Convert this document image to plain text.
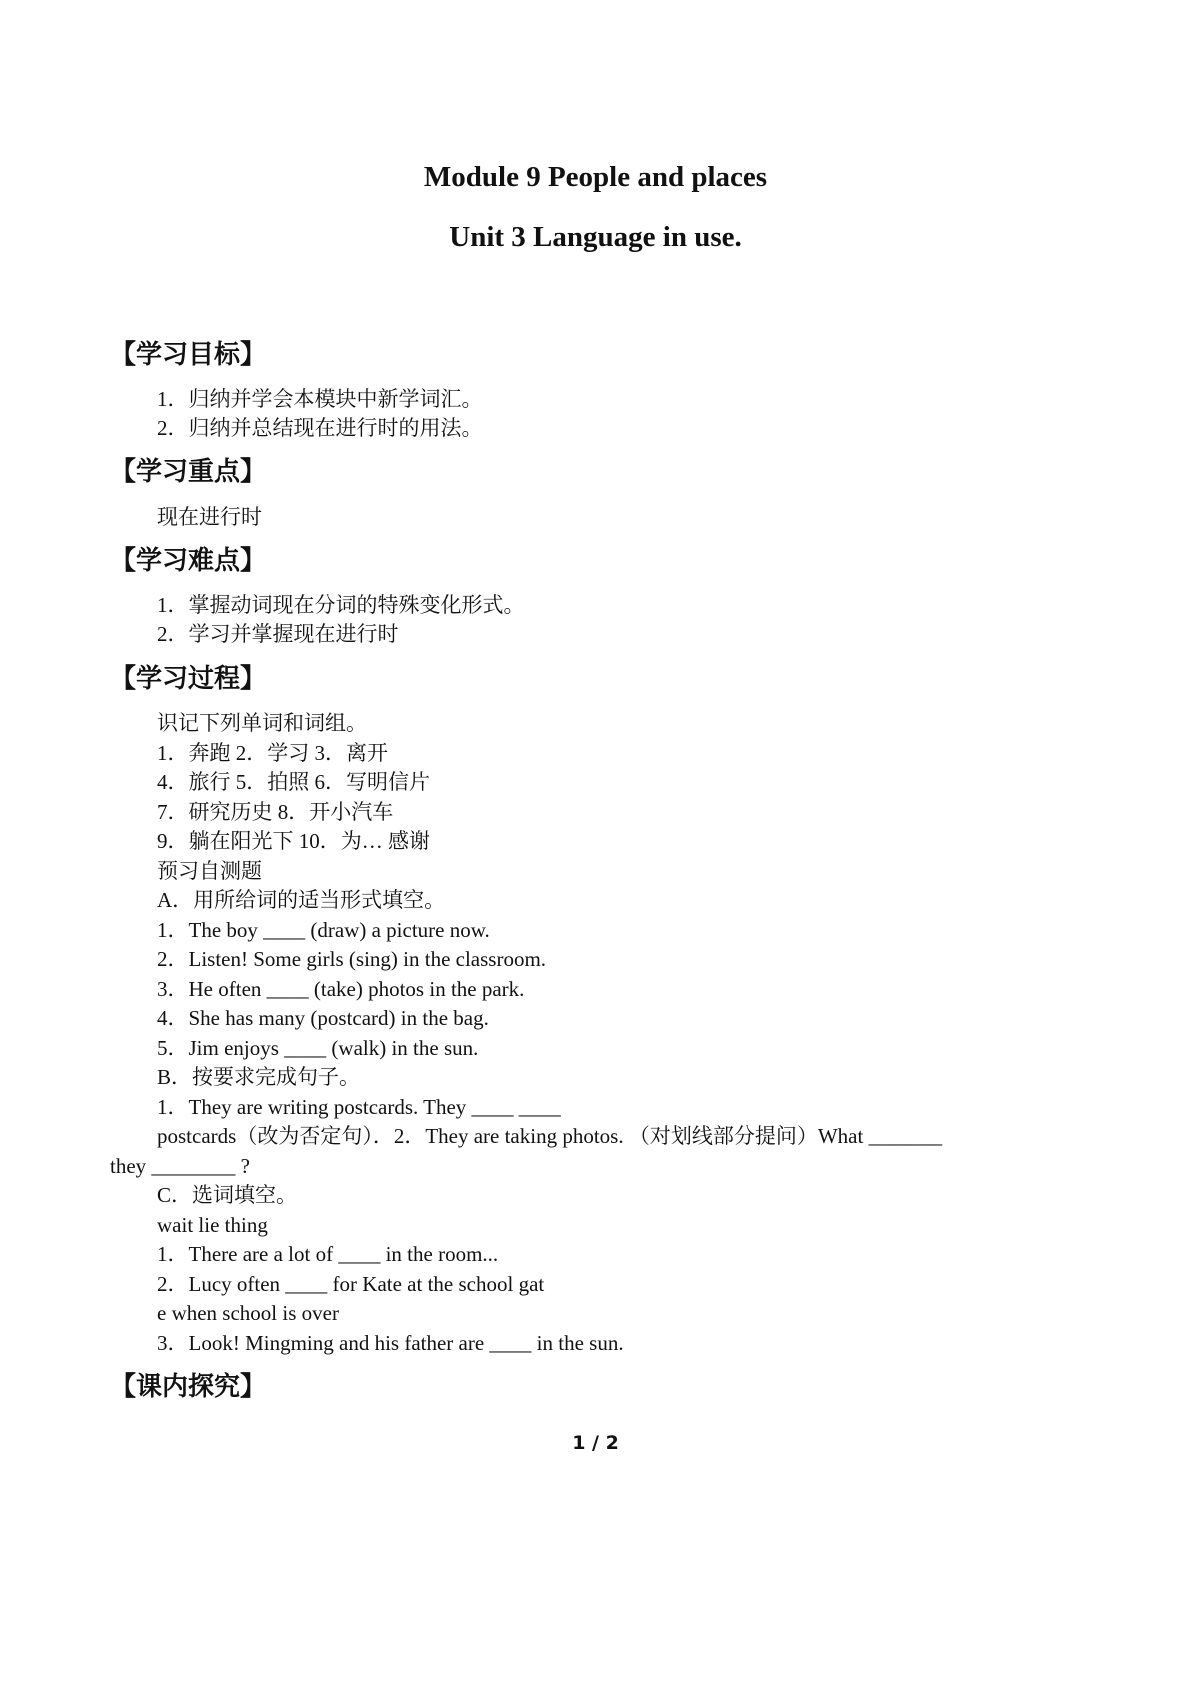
Module 9 People and places
Unit 3 Language in use.
【学习目标】
1．归纳并学会本模块中新学词汇。
2．归纳并总结现在进行时的用法。
【学习重点】
现在进行时
【学习难点】
1．掌握动词现在分词的特殊变化形式。
2．学习并掌握现在进行时
【学习过程】
识记下列单词和词组。
1．奔跑 2．学习 3．离开
4．旅行 5．拍照 6．写明信片
7．研究历史 8．开小汽车
9．躺在阳光下 10．为… 感谢
预习自测题
A．用所给词的适当形式填空。
1．The boy ____ (draw) a picture now.
2．Listen! Some girls (sing) in the classroom.
3．He often ____ (take) photos in the park.
4．She has many (postcard) in the bag.
5．Jim enjoys ____ (walk) in the sun.
B．按要求完成句子。
1．They are writing postcards. They ____ ____
postcards（改为否定句）．2．They are taking photos. （对划线部分提问）What _______
they ________ ?
C．选词填空。
wait lie thing
1．There are a lot of ____ in the room...
2．Lucy often ____ for Kate at the school gat
e when school is over
3．Look! Mingming and his father are ____ in the sun.
【课内探究】
1 / 2
